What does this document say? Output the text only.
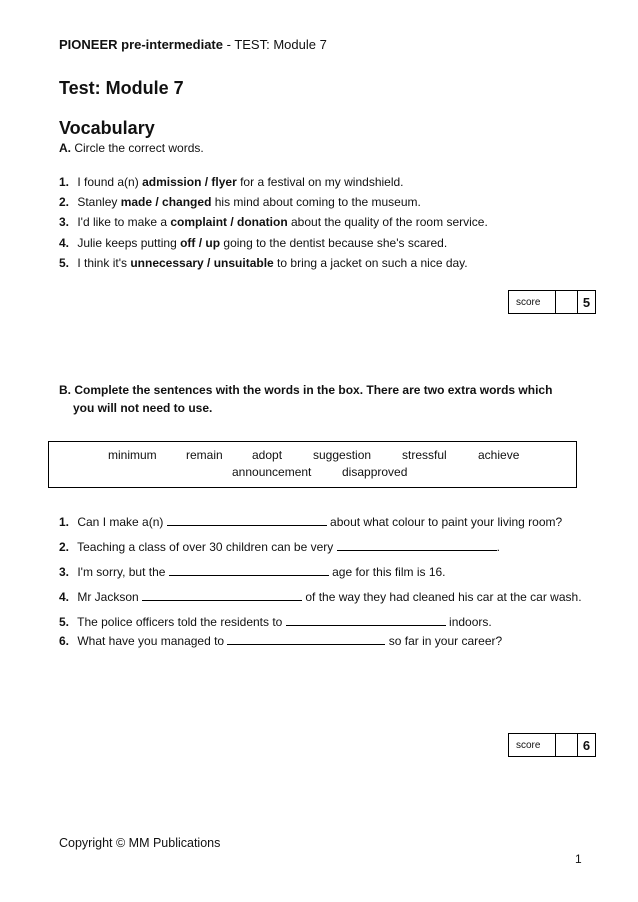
PIONEER pre-intermediate - TEST: Module 7
Test: Module 7
Vocabulary
A. Circle the correct words.
1. I found a(n) admission / flyer for a festival on my windshield.
2. Stanley made / changed his mind about coming to the museum.
3. I'd like to make a complaint / donation about the quality of the room service.
4. Julie keeps putting off / up going to the dentist because she's scared.
5. I think it's unnecessary / unsuitable to bring a jacket on such a nice day.
score	5
B. Complete the sentences with the words in the box. There are two extra words which
you will not need to use.
minimum remain adopt	suggestion	stressful	achieve
announcement	disapproved
1. Can I make a(n)	about what colour to paint your living room?
2. Teaching a class of over 30 children can be very	.
3. I'm sorry, but the	age for this film is 16.
4. Mr Jackson	of the way they had cleaned his car at the car wash.
5. The police officers told the residents to	indoors.
6. What have you managed to	so far in your career?
score	6
Copyright © MM Publications
1
